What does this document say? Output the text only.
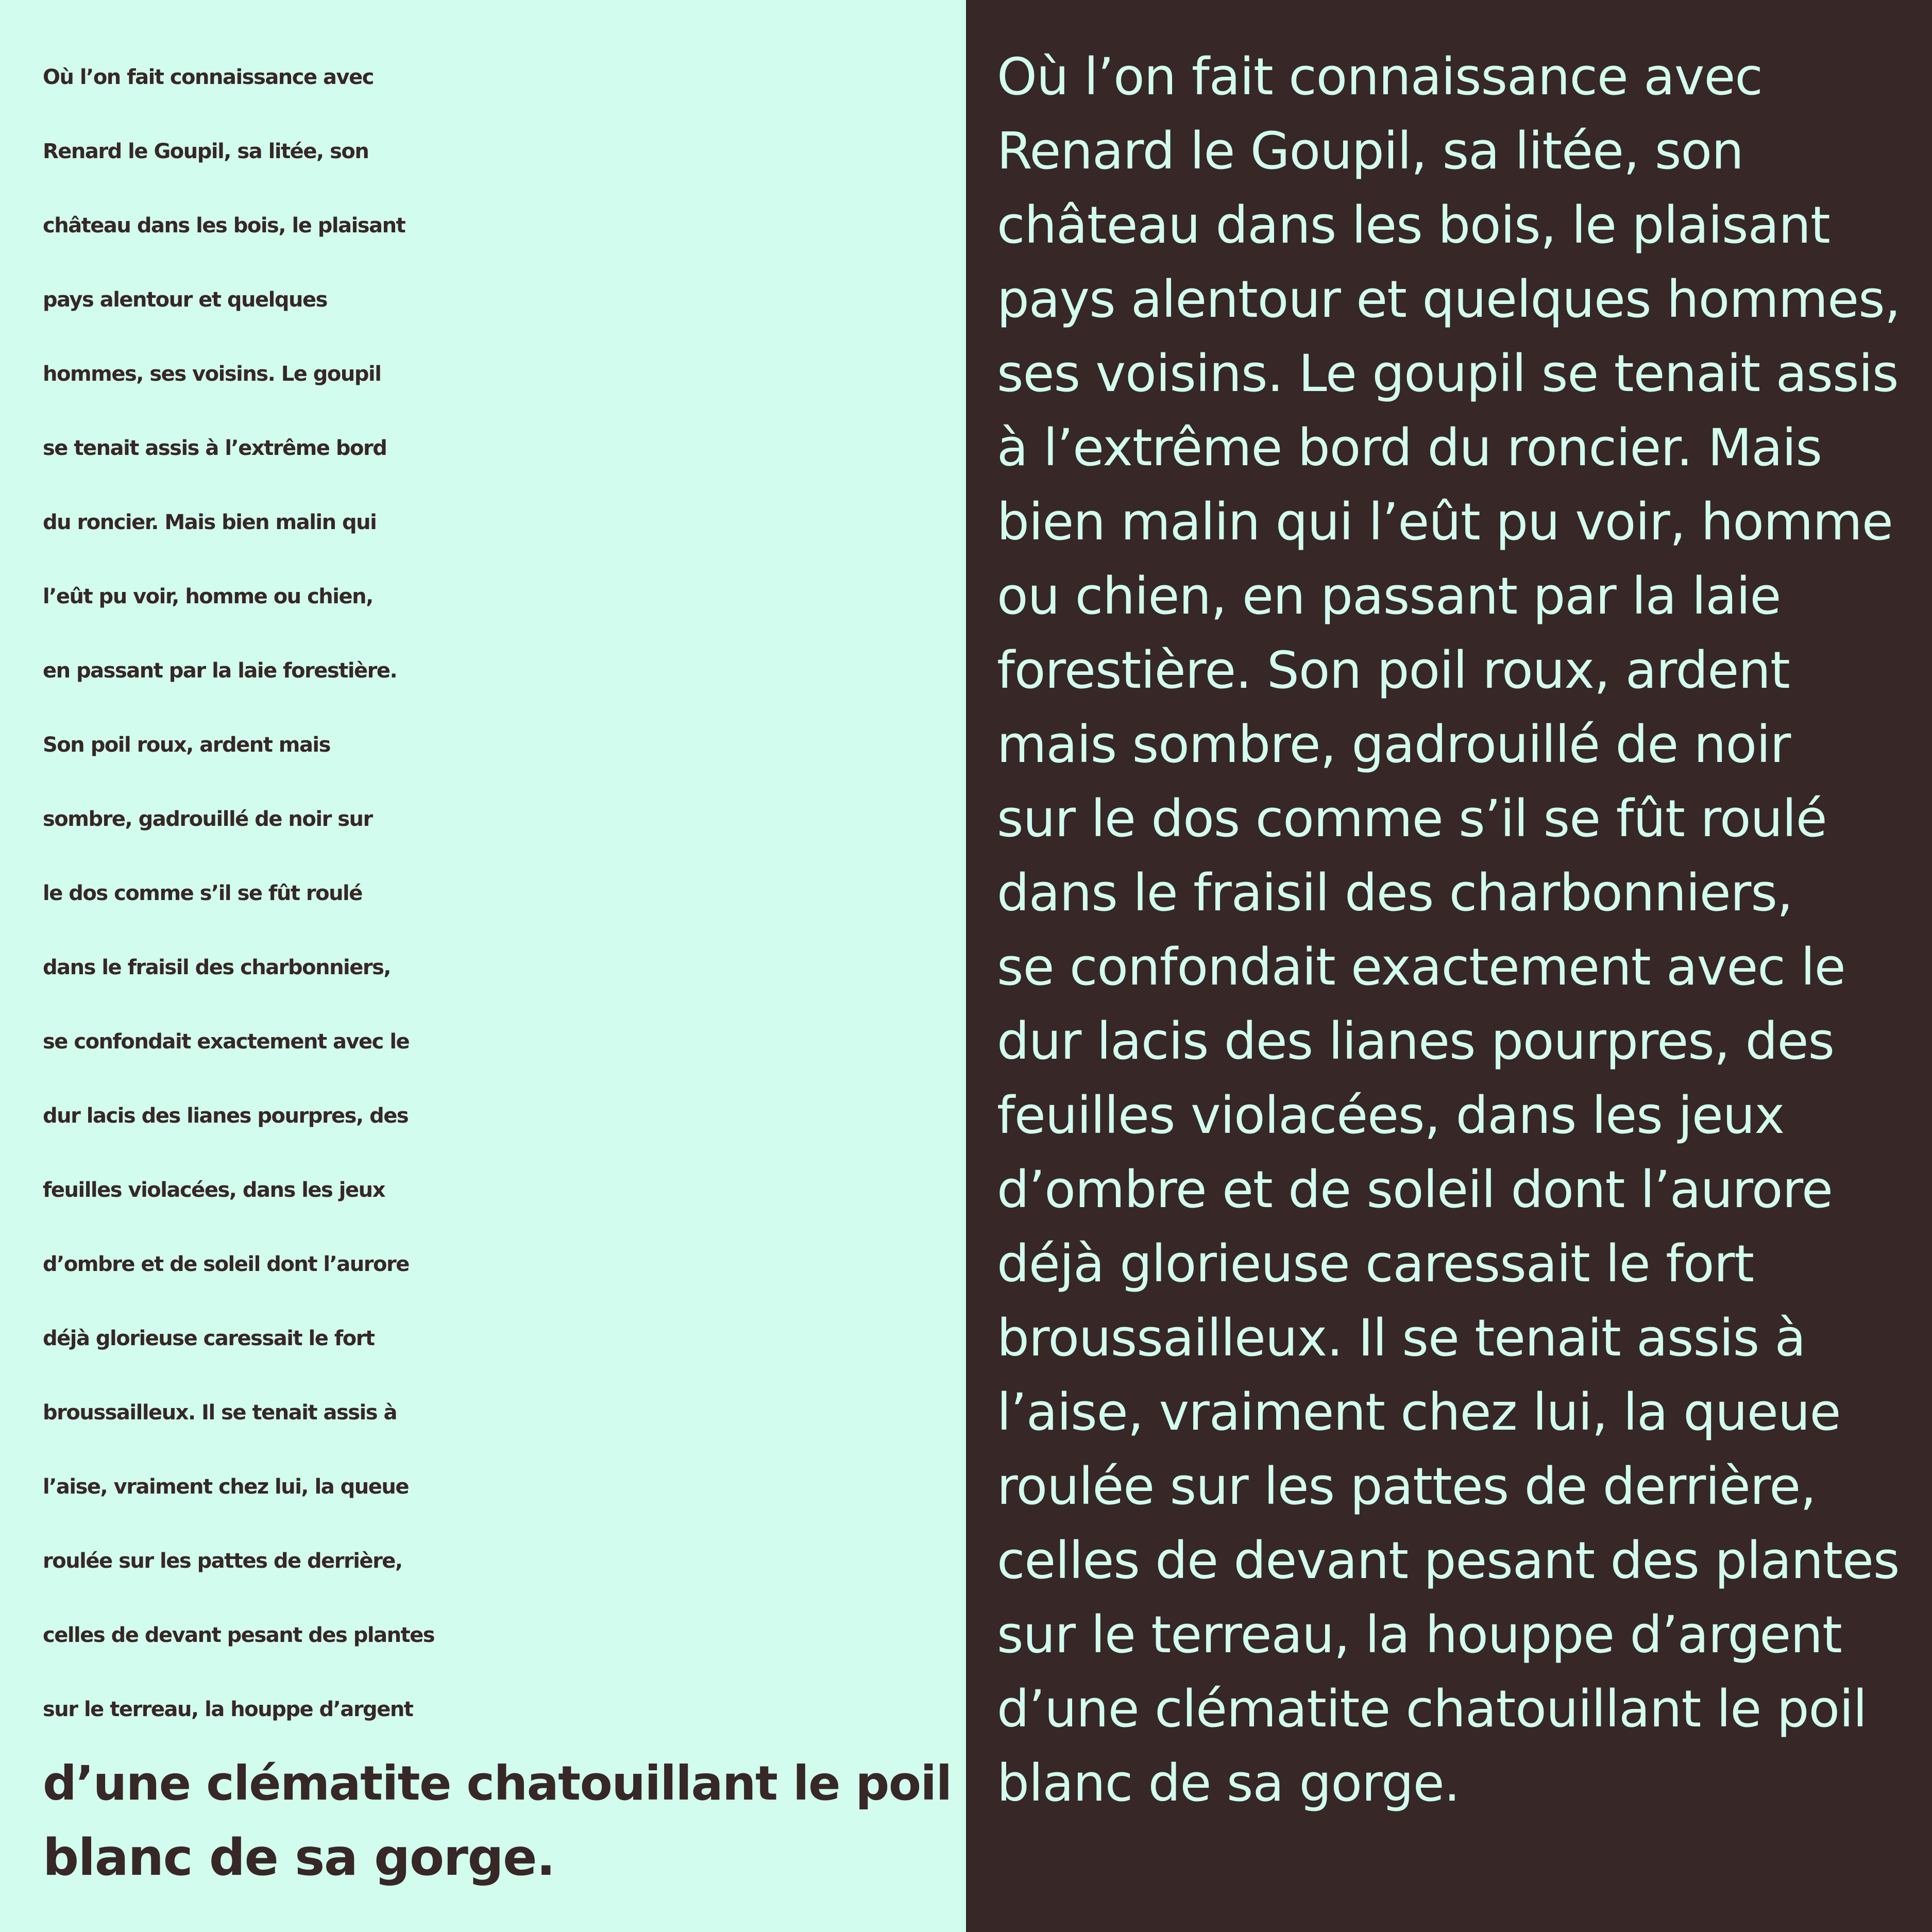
Où l’on fait connaissance avec
Renard le Goupil, sa litée, son
château dans les bois, le plaisant
pays alentour et quelques
hommes, ses voisins. Le goupil
se tenait assis à l’extrême bord
du roncier. Mais bien malin qui
l’eût pu voir, homme ou chien,
en passant par la laie forestière.
Son poil roux, ardent mais
sombre, gadrouillé de noir sur
le dos comme s’il se fût roulé
dans le fraisil des charbonniers,
se confondait exactement avec le
dur lacis des lianes pourpres, des
feuilles violacées, dans les jeux
d’ombre et de soleil dont l’aurore
déjà glorieuse caressait le fort
broussailleux. Il se tenait assis à
l’aise, vraiment chez lui, la queue
roulée sur les pattes de derrière,
celles de devant pesant des plantes
sur le terreau, la houppe d’argent
d’une clématite chatouillant le poil
blanc de sa gorge.
Où l’on fait connaissance avec
Renard le Goupil, sa litée, son
château dans les bois, le plaisant
pays alentour et quelques hommes,
ses voisins. Le goupil se tenait assis
à l’extrême bord du roncier. Mais
bien malin qui l’eût pu voir, homme
ou chien, en passant par la laie
forestière. Son poil roux, ardent
mais sombre, gadrouillé de noir
sur le dos comme s’il se fût roulé
dans le fraisil des charbonniers,
se confondait exactement avec le
dur lacis des lianes pourpres, des
feuilles violacées, dans les jeux
d’ombre et de soleil dont l’aurore
déjà glorieuse caressait le fort
broussailleux. Il se tenait assis à
l’aise, vraiment chez lui, la queue
roulée sur les pattes de derrière,
celles de devant pesant des plantes
sur le terreau, la houppe d’argent
d’une clématite chatouillant le poil
blanc de sa gorge.
